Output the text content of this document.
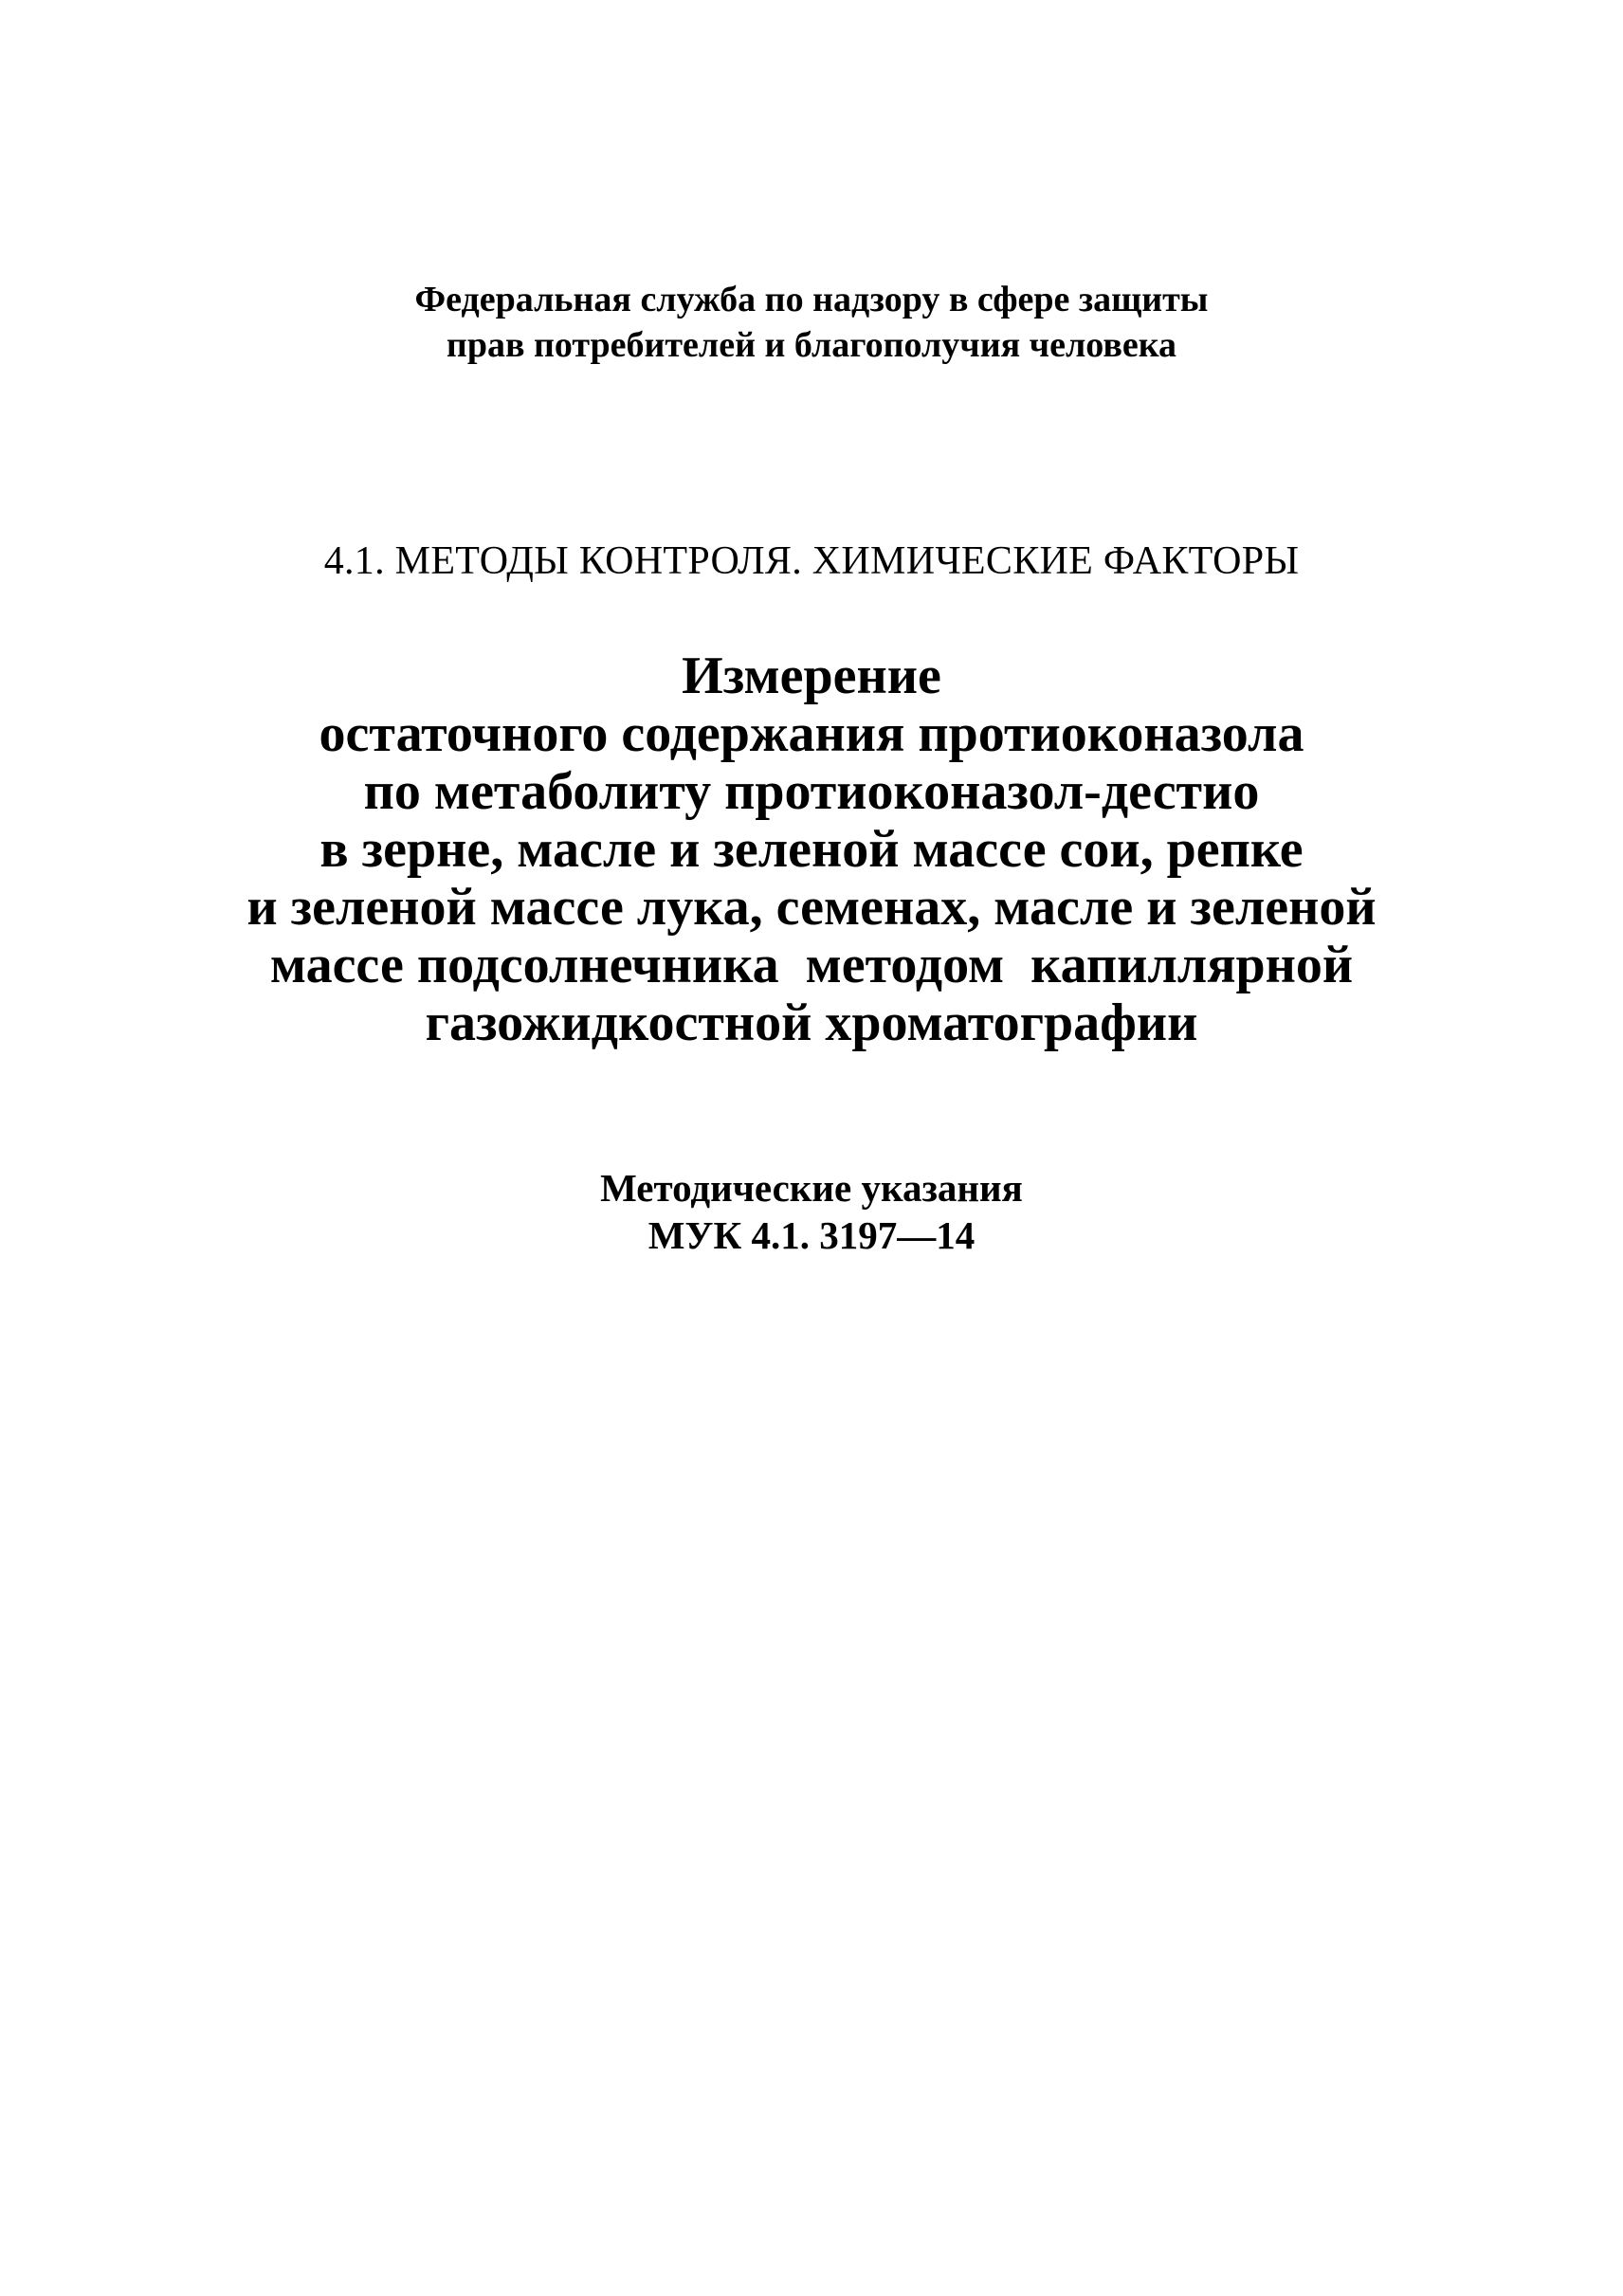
Федеральная служба по надзору в сфере защиты
прав потребителей и благополучия человека
4.1. МЕТОДЫ КОНТРОЛЯ. ХИМИЧЕСКИЕ ФАКТОРЫ
Измерение
остаточного содержания протиоконазола
по метаболиту протиоконазол-дестио
в зерне, масле и зеленой массе сои, репке
и зеленой массе лука, семенах, масле и зеленой
массе подсолнечника  методом  капиллярной
газожидкостной хроматографии
Методические указания
МУК 4.1. 3197—14
